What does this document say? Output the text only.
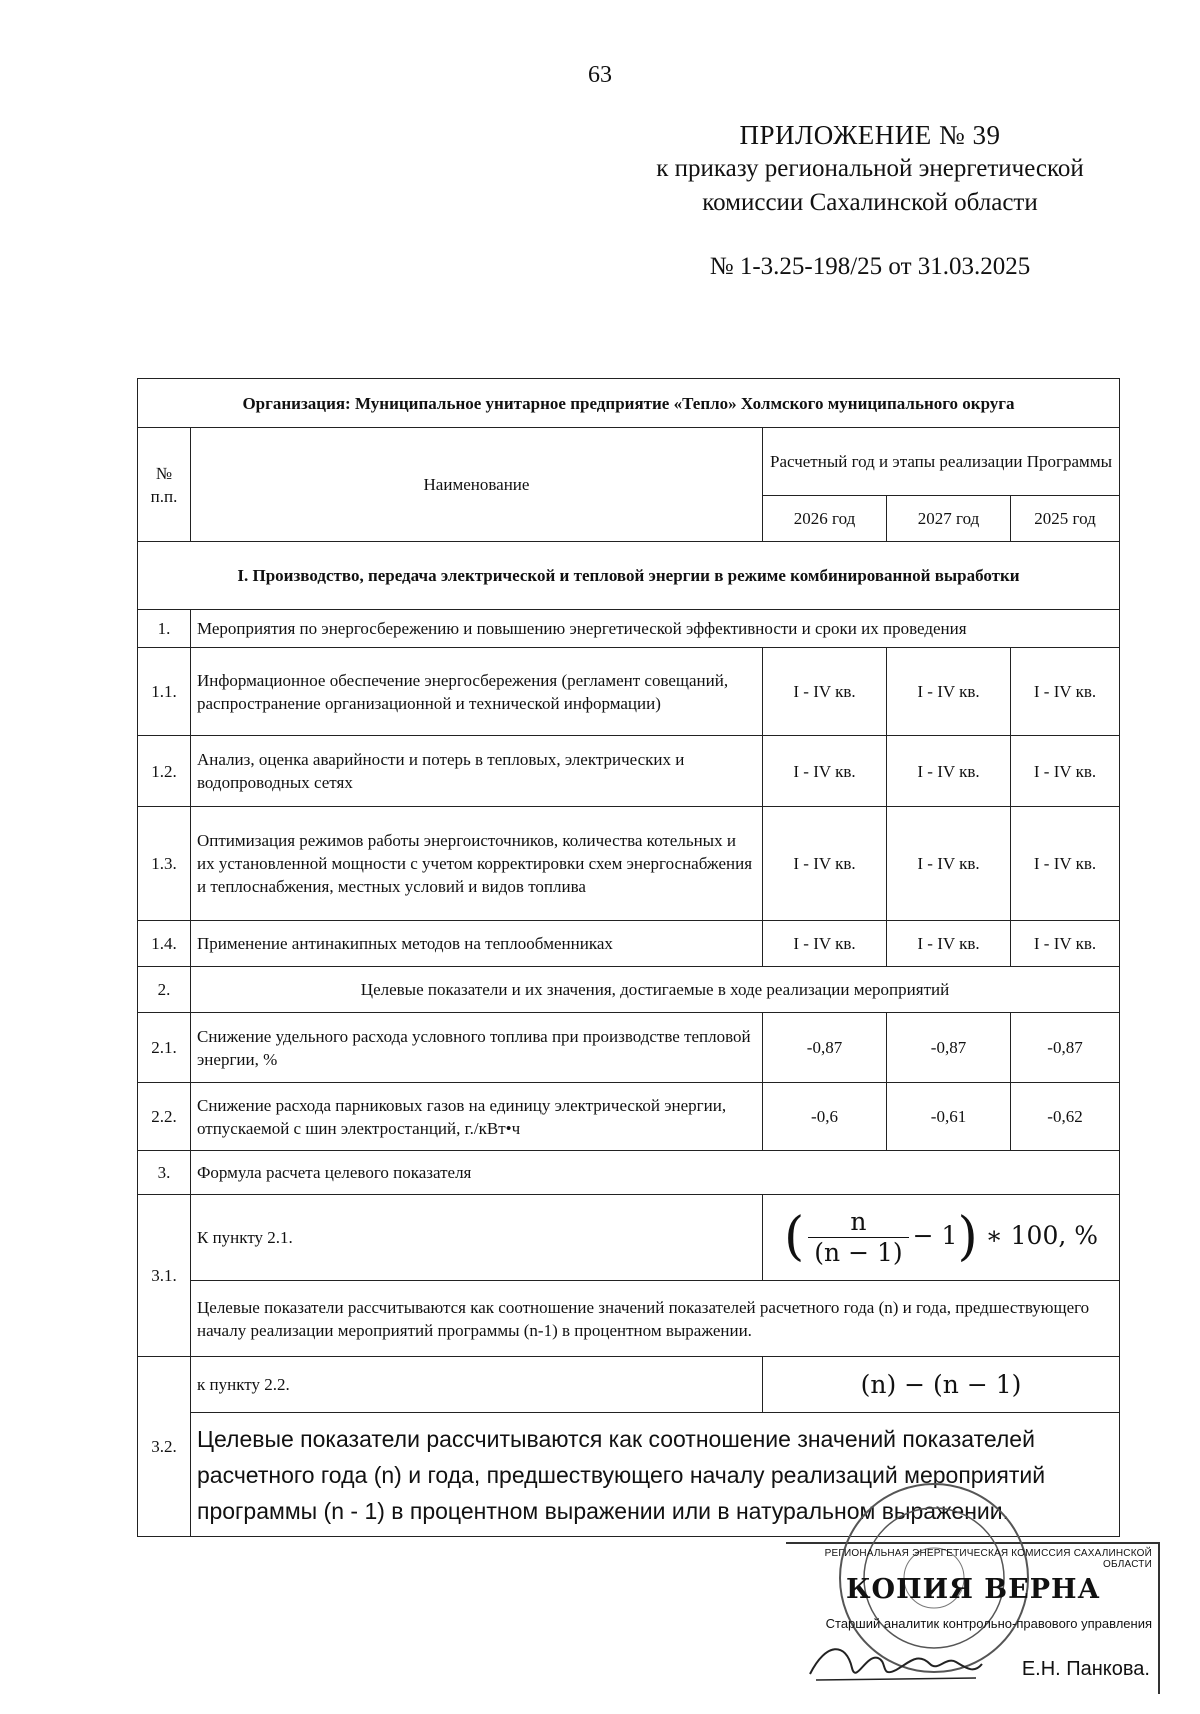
63
ПРИЛОЖЕНИЕ № 39
к приказу региональной энергетической
комиссии Сахалинской области
№ 1-3.25-198/25 от 31.03.2025
Организация: Муниципальное унитарное предприятие «Тепло» Холмского муниципального округа				
№ п.п.	Наименование	Расчетный год и этапы реализации Программы		
		2026 год	2027 год	2025 год
I. Производство, передача электрической и тепловой энергии в режиме комбинированной выработки				
1.	Мероприятия по энергосбережению и повышению энергетической эффективности и сроки их проведения			
1.1.	Информационное обеспечение энергосбережения (регламент совещаний, распространение организационной и технической информации)	I - IV кв.	I - IV кв.	I - IV кв.
1.2.	Анализ, оценка аварийности и потерь в тепловых, электрических и водопроводных сетях	I - IV кв.	I - IV кв.	I - IV кв.
1.3.	Оптимизация режимов работы энергоисточников, количества котельных и их установленной мощности с учетом корректировки схем энергоснабжения и теплоснабжения, местных условий и видов топлива	I - IV кв.	I - IV кв.	I - IV кв.
1.4.	Применение антинакипных методов на теплообменниках	I - IV кв.	I - IV кв.	I - IV кв.
2.	Целевые показатели и их значения, достигаемые в ходе реализации мероприятий			
2.1.	Снижение удельного расхода условного топлива при производстве тепловой энергии, %	-0,87	-0,87	-0,87
2.2.	Снижение расхода парниковых газов на единицу электрической энергии, отпускаемой с шин электростанций, г./кВт•ч	-0,6	-0,61	-0,62
3.	Формула расчета целевого показателя			
3.1.	К пункту 2.1.	( $\frac{n}{(n - 1)} - 1$) ∗ 100, %		
	Целевые показатели рассчитываются как соотношение значений показателей расчетного года (n) и года, предшествующего началу реализации мероприятий программы (n-1) в процентном выражении.			
3.2.	к пункту 2.2.	(n) − (n − 1)		
	Целевые показатели рассчитываются как соотношение значений показателей расчетного года (n) и года, предшествующего началу реализаций мероприятий программы (n - 1) в процентном выражении или в натуральном выражении.			
РЕГИОНАЛЬНАЯ ЭНЕРГЕТИЧЕСКАЯ КОМИССИЯ САХАЛИНСКОЙ ОБЛАСТИ
КОПИЯ ВЕРНА
Старший аналитик контрольно-правового управления
Е.Н. Панкова.
